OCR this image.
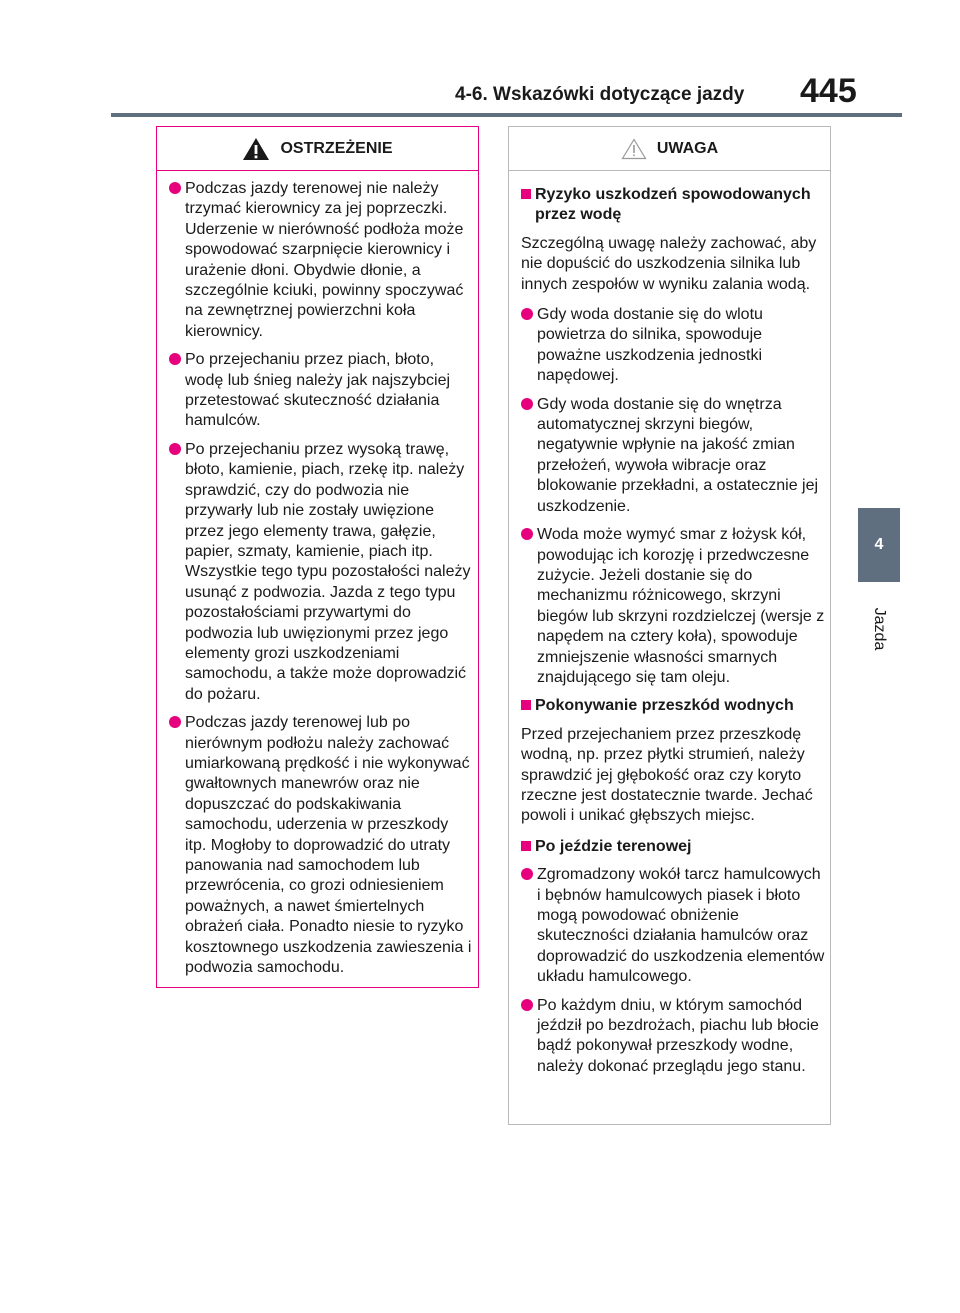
4-6. Wskazówki dotyczące jazdy 445
4
Jazda
OSTRZEŻENIE
Podczas jazdy terenowej nie należy trzymać kierownicy za jej poprzeczki. Uderzenie w nierówność podłoża może spowodować szarpnięcie kierownicy i urażenie dłoni. Obydwie dłonie, a szczególnie kciuki, powinny spoczywać na zewnętrznej powierzchni koła kierownicy.
Po przejechaniu przez piach, błoto, wodę lub śnieg należy jak najszybciej przetestować skuteczność działania hamulców.
Po przejechaniu przez wysoką trawę, błoto, kamienie, piach, rzekę itp. należy sprawdzić, czy do podwozia nie przywarły lub nie zostały uwięzione przez jego elementy trawa, gałęzie, papier, szmaty, kamienie, piach itp. Wszystkie tego typu pozostałości należy usunąć z podwozia. Jazda z tego typu pozostałościami przywartymi do podwozia lub uwięzionymi przez jego elementy grozi uszkodzeniami samochodu, a także może doprowadzić do pożaru.
Podczas jazdy terenowej lub po nierównym podłożu należy zachować umiarkowaną prędkość i nie wykonywać gwałtownych manewrów oraz nie dopuszczać do podskakiwania samochodu, uderzenia w przeszkody itp. Mogłoby to doprowadzić do utraty panowania nad samochodem lub przewrócenia, co grozi odniesieniem poważnych, a nawet śmiertelnych obrażeń ciała. Ponadto niesie to ryzyko kosztownego uszkodzenia zawieszenia i podwozia samochodu.
UWAGA
Ryzyko uszkodzeń spowodowanych przez wodę
Szczególną uwagę należy zachować, aby nie dopuścić do uszkodzenia silnika lub innych zespołów w wyniku zalania wodą.
Gdy woda dostanie się do wlotu powietrza do silnika, spowoduje poważne uszkodzenia jednostki napędowej.
Gdy woda dostanie się do wnętrza automatycznej skrzyni biegów, negatywnie wpłynie na jakość zmian przełożeń, wywoła wibracje oraz blokowanie przekładni, a ostatecznie jej uszkodzenie.
Woda może wymyć smar z łożysk kół, powodując ich korozję i przedwczesne zużycie. Jeżeli dostanie się do mechanizmu różnicowego, skrzyni biegów lub skrzyni rozdzielczej (wersje z napędem na cztery koła), spowoduje zmniejszenie własności smarnych znajdującego się tam oleju.
Pokonywanie przeszkód wodnych
Przed przejechaniem przez przeszkodę wodną, np. przez płytki strumień, należy sprawdzić jej głębokość oraz czy koryto rzeczne jest dostatecznie twarde. Jechać powoli i unikać głębszych miejsc.
Po jeździe terenowej
Zgromadzony wokół tarcz hamulcowych i bębnów hamulcowych piasek i błoto mogą powodować obniżenie skuteczności działania hamulców oraz doprowadzić do uszkodzenia elementów układu hamulcowego.
Po każdym dniu, w którym samochód jeździł po bezdrożach, piachu lub błocie bądź pokonywał przeszkody wodne, należy dokonać przeglądu jego stanu.
